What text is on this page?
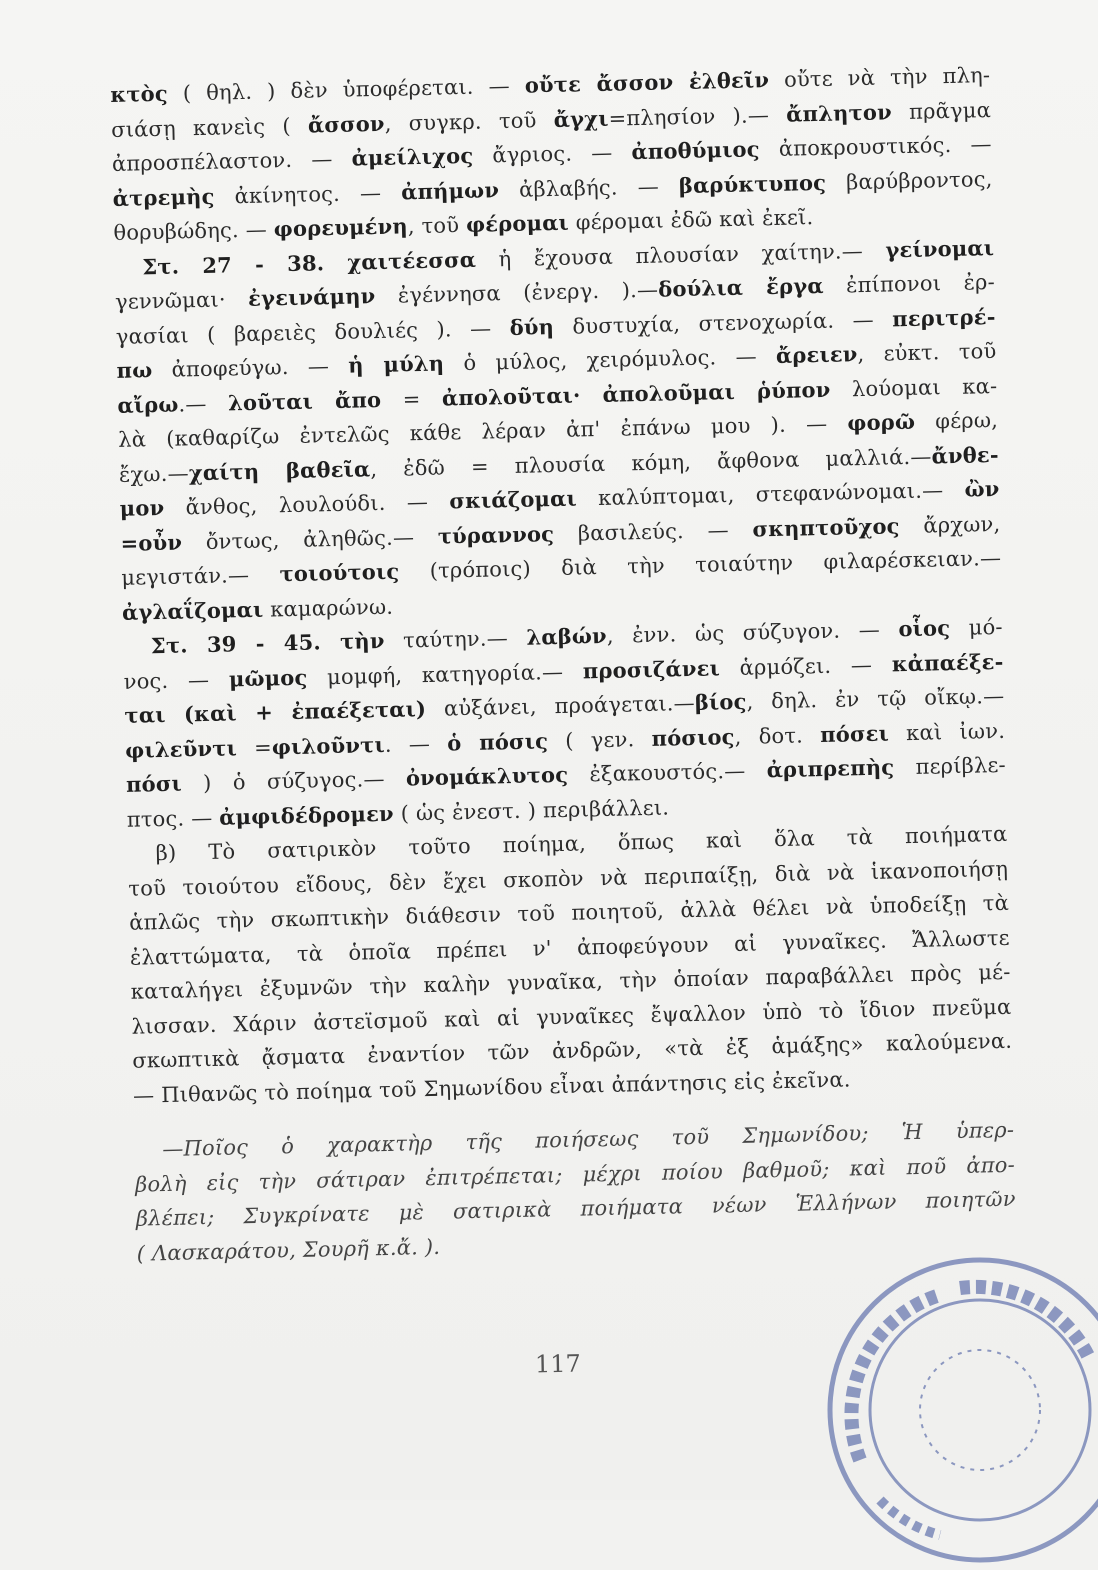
κτὸς ( θηλ. ) δὲν ὑποφέρεται. — οὔτε ἄσσον ἐλθεῖν οὔτε νὰ τὴν πλη-
σιάσῃ κανεὶς ( ἄσσον, συγκρ. τοῦ ἄγχι=πλησίον ).— ἄπλητον πρᾶγμα
ἀπροσπέλαστον. — ἀμείλιχος ἄγριος. — ἀποθύμιος ἀποκρουστικός. —
ἀτρεμὴς ἀκίνητος. — ἀπήμων ἀβλαβής. — βαρύκτυπος βαρύβροντος,
θορυβώδης. — φορευμένη, τοῦ φέρομαι φέρομαι ἐδῶ καὶ ἐκεῖ.
Στ. 27 - 38. χαιτέεσσα ἡ ἔχουσα πλουσίαν χαίτην.— γείνομαι
γεννῶμαι· ἐγεινάμην ἐγέννησα (ἐνεργ. ).—δούλια ἔργα ἐπίπονοι ἐρ-
γασίαι ( βαρειὲς δουλιές ). — δύη δυστυχία, στενοχωρία. — περιτρέ-
πω ἀποφεύγω. — ἡ μύλη ὁ μύλος, χειρόμυλος. — ἄρειεν, εὐκτ. τοῦ
αἴρω.— λοῦται ἄπο = ἀπολοῦται· ἀπολοῦμαι ῥύπον λούομαι κα-
λὰ (καθαρίζω ἐντελῶς κάθε λέραν ἀπ' ἐπάνω μου ). — φορῶ φέρω,
ἔχω.—χαίτη βαθεῖα, ἐδῶ = πλουσία κόμη, ἄφθονα μαλλιά.—ἄνθε-
μον ἄνθος, λουλούδι. — σκιάζομαι καλύπτομαι, στεφανώνομαι.— ὢν
=οὖν ὄντως, ἀληθῶς.— τύραννος βασιλεύς. — σκηπτοῦχος ἄρχων,
μεγιστάν.— τοιούτοις (τρόποις) διὰ τὴν τοιαύτην φιλαρέσκειαν.—
ἀγλαΐζομαι καμαρώνω.
Στ. 39 - 45. τὴν ταύτην.— λαβών, ἐνν. ὡς σύζυγον. — οἷος μό-
νος. — μῶμος μομφή, κατηγορία.— προσιζάνει ἁρμόζει. — κἀπαέξε-
ται (καὶ + ἐπαέξεται) αὐξάνει, προάγεται.—βίος, δηλ. ἐν τῷ οἴκῳ.—
φιλεῦντι =φιλοῦντι. — ὁ πόσις ( γεν. πόσιος, δοτ. πόσει καὶ ἰων.
πόσι ) ὁ σύζυγος.— ὀνομάκλυτος ἐξακουστός.— ἀριπρεπὴς περίβλε-
πτος. — ἀμφιδέδρομεν ( ὡς ἐνεστ. ) περιβάλλει.
β) Τὸ σατιρικὸν τοῦτο ποίημα, ὅπως καὶ ὅλα τὰ ποιήματα
τοῦ τοιούτου εἴδους, δὲν ἔχει σκοπὸν νὰ περιπαίξῃ, διὰ νὰ ἱκανοποιήσῃ
ἁπλῶς τὴν σκωπτικὴν διάθεσιν τοῦ ποιητοῦ, ἀλλὰ θέλει νὰ ὑποδείξῃ τὰ
ἐλαττώματα, τὰ ὁποῖα πρέπει ν' ἀποφεύγουν αἱ γυναῖκες. Ἄλλωστε
καταλήγει ἐξυμνῶν τὴν καλὴν γυναῖκα, τὴν ὁποίαν παραβάλλει πρὸς μέ-
λισσαν. Χάριν ἀστεϊσμοῦ καὶ αἱ γυναῖκες ἔψαλλον ὑπὸ τὸ ἴδιον πνεῦμα
σκωπτικὰ ᾄσματα ἐναντίον τῶν ἀνδρῶν, «τὰ ἐξ ἁμάξης» καλούμενα.
— Πιθανῶς τὸ ποίημα τοῦ Σημωνίδου εἶναι ἀπάντησις εἰς ἐκεῖνα.
—Ποῖος ὁ χαρακτὴρ τῆς ποιήσεως τοῦ Σημωνίδου; Ἡ ὑπερ-
βολὴ εἰς τὴν σάτιραν ἐπιτρέπεται; μέχρι ποίου βαθμοῦ; καὶ ποῦ ἀπο-
βλέπει; Συγκρίνατε μὲ σατιρικὰ ποιήματα νέων Ἑλλήνων ποιητῶν
( Λασκαράτου, Σουρῆ κ.ἄ. ).
117
